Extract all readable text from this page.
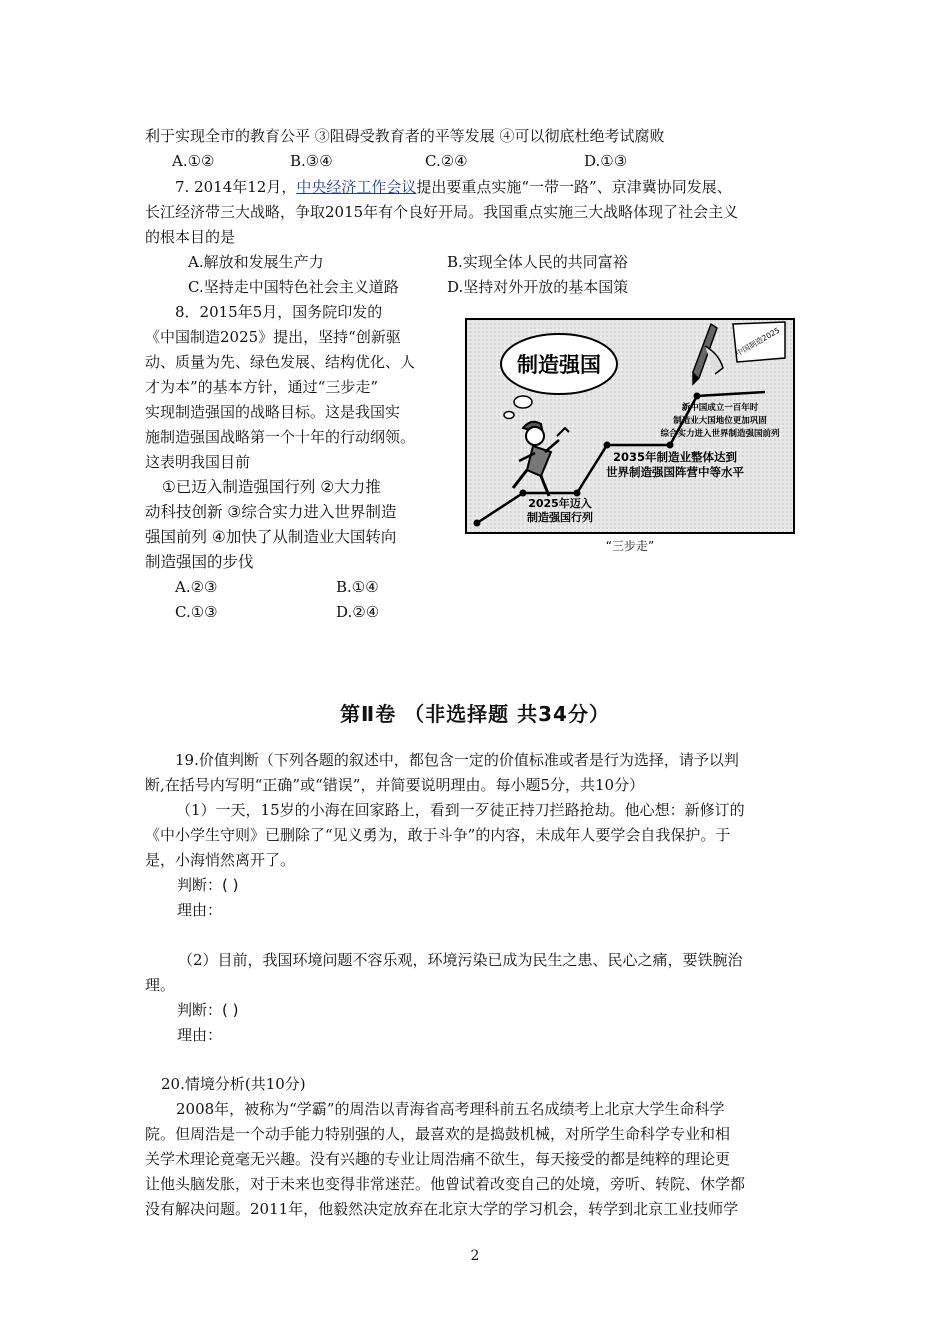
利于实现全市的教育公平 ③阻碍受教育者的平等发展 ④可以彻底杜绝考试腐败
A.①②	B.③④	C.②④	D.①③
7. 2014年12月，中央经济工作会议提出要重点实施“一带一路”、京津冀协同发展、
长江经济带三大战略，争取2015年有个良好开局。我国重点实施三大战略体现了社会主义
的根本目的是
A.解放和发展生产力	B.实现全体人民的共同富裕
C.坚持走中国特色社会主义道路	D.坚持对外开放的基本国策
8．2015年5月，国务院印发的
《中国制造2025》提出，坚持“创新驱
动、质量为先、绿色发展、结构优化、人
才为本”的基本方针，通过“三步走”
实现制造强国的战略目标。这是我国实
施制造强国战略第一个十年的行动纲领。
这表明我国目前
①已迈入制造强国行列 ②大力推
动科技创新 ③综合实力进入世界制造
强国前列 ④加快了从制造业大国转向
制造强国的步伐
A.②③	B.①④
C.①③	D.②④
制造强国
2025年迈入
制造强国行列
2035年制造业整体达到
世界制造强国阵营中等水平
新中国成立一百年时
制造业大国地位更加巩固
综合实力进入世界制造强国前列
中国制造2025
“三步走”
第Ⅱ卷 （非选择题 共34分）
19.价值判断（下列各题的叙述中，都包含一定的价值标准或者是行为选择，请予以判
断,在括号内写明“正确”或“错误”，并简要说明理由。每小题5分，共10分）
（1）一天，15岁的小海在回家路上，看到一歹徒正持刀拦路抢劫。他心想：新修订的
《中小学生守则》已删除了“见义勇为，敢于斗争”的内容，未成年人要学会自我保护。于
是，小海悄然离开了。
判断：( )
理由：
（2）目前，我国环境问题不容乐观，环境污染已成为民生之患、民心之痛，要铁腕治
理。
判断：( )
理由：
20.情境分析(共10分)
2008年，被称为“学霸”的周浩以青海省高考理科前五名成绩考上北京大学生命科学
院。但周浩是一个动手能力特别强的人，最喜欢的是捣鼓机械，对所学生命科学专业和相
关学术理论竟毫无兴趣。没有兴趣的专业让周浩痛不欲生，每天接受的都是纯粹的理论更
让他头脑发胀，对于未来也变得非常迷茫。他曾试着改变自己的处境，旁听、转院、休学都
没有解决问题。2011年，他毅然决定放弃在北京大学的学习机会，转学到北京工业技师学
2
